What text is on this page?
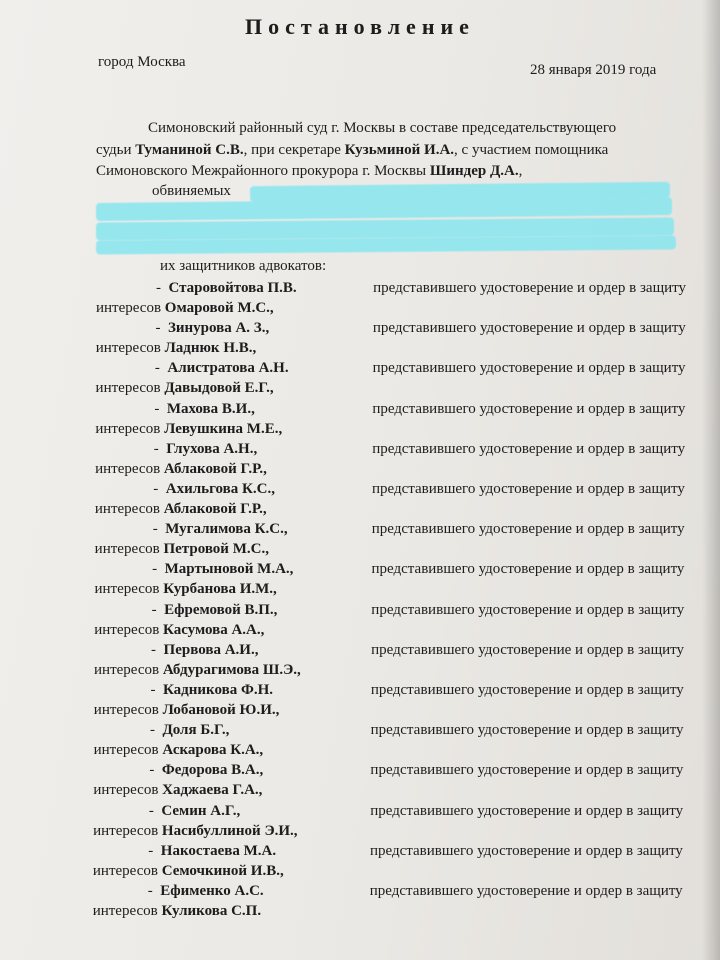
Постановление
город Москва	28 января 2019 года
Симоновский районный суд г. Москвы в составе председательствующего
судьи Туманиной С.В., при секретаре Кузьминой И.А., с участием помощника
Симоновского Межрайонного прокурора г. Москвы Шиндер Д.А.,
обвиняемых
их защитников адвокатов:
- Старовойтова П.В.	представившего удостоверение и ордер в защиту
интересов Омаровой М.С.,
- Зинурова А. З.,	представившего удостоверение и ордер в защиту
интересов Ладнюк Н.В.,
- Алистратова А.Н.	представившего удостоверение и ордер в защиту
интересов Давыдовой Е.Г.,
- Махова В.И.,	представившего удостоверение и ордер в защиту
интересов Левушкина М.Е.,
- Глухова А.Н.,	представившего удостоверение и ордер в защиту
интересов Аблаковой Г.Р.,
- Ахильгова К.С.,	представившего удостоверение и ордер в защиту
интересов Аблаковой Г.Р.,
- Мугалимова К.С.,	представившего удостоверение и ордер в защиту
интересов Петровой М.С.,
- Мартыновой М.А.,	представившего удостоверение и ордер в защиту
интересов Курбанова И.М.,
- Ефремовой В.П.,	представившего удостоверение и ордер в защиту
интересов Касумова А.А.,
- Первова А.И.,	представившего удостоверение и ордер в защиту
интересов Абдурагимова Ш.Э.,
- Кадникова Ф.Н.	представившего удостоверение и ордер в защиту
интересов Лобановой Ю.И.,
- Доля Б.Г.,	представившего удостоверение и ордер в защиту
интересов Аскарова К.А.,
- Федорова В.А.,	представившего удостоверение и ордер в защиту
интересов Хаджаева Г.А.,
- Семин А.Г.,	представившего удостоверение и ордер в защиту
интересов Насибуллиной Э.И.,
- Накостаева М.А.	представившего удостоверение и ордер в защиту
интересов Семочкиной И.В.,
- Ефименко А.С.	представившего удостоверение и ордер в защиту
интересов Куликова С.П.
